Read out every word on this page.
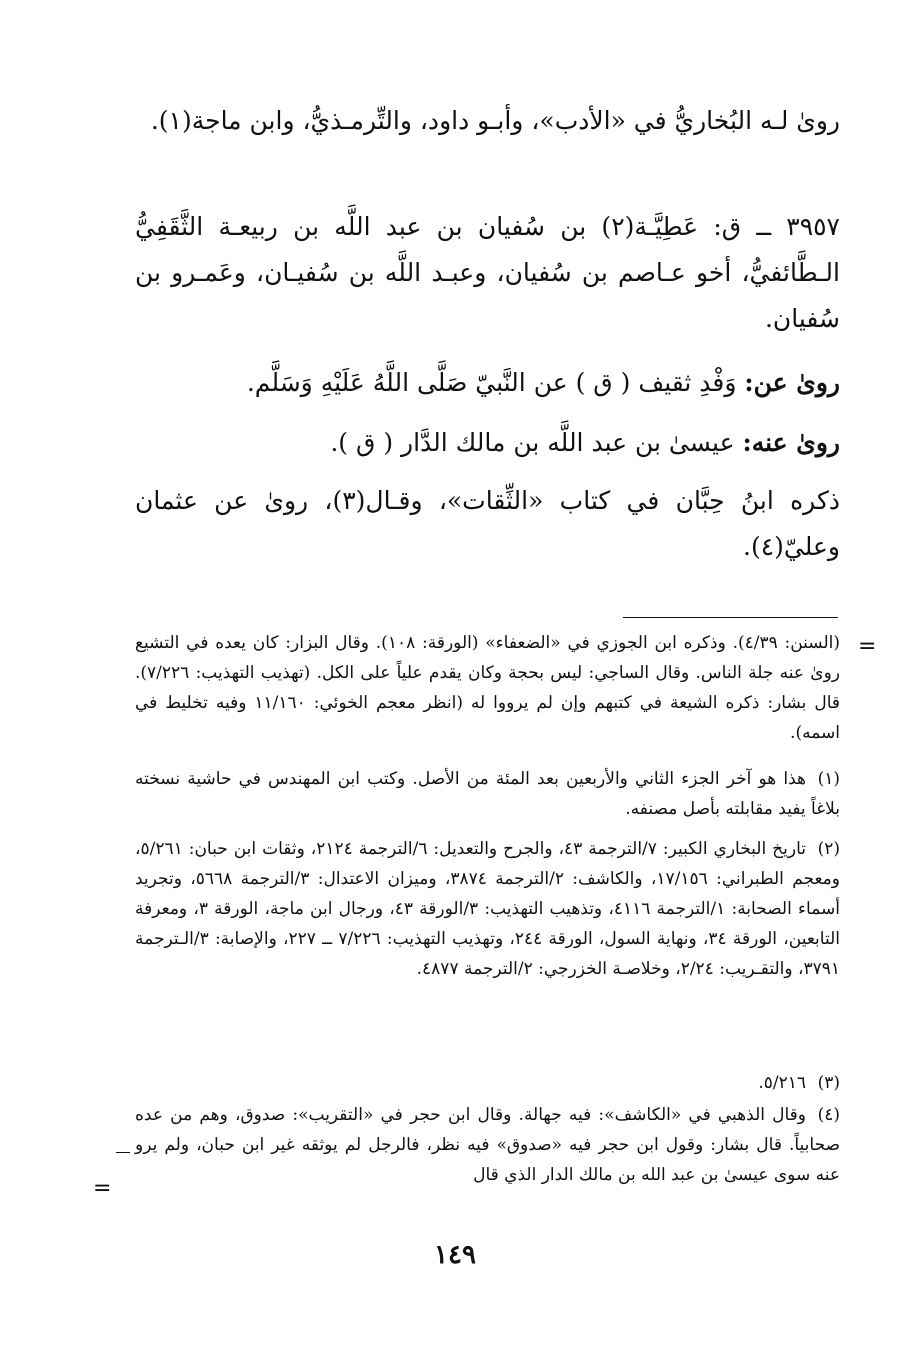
روىٰ لـه البُخاريُّ في «الأدب»، وأبـو داود، والتِّرمـذيُّ، وابن ماجة(١).
٣٩٥٧ ــ ق: عَطِيَّـة(٢) بن سُفيان بن عبد اللَّه بن ربيعـة الثَّقَفِيُّ الـطَّائفيُّ، أخو عـاصم بن سُفيان، وعبـد اللَّه بن سُفيـان، وعَمـرو بن سُفيان.
روىٰ عن: وَفْدِ ثقيف ( ق ) عن النَّبيّ صَلَّى اللَّهُ عَلَيْهِ وَسَلَّم.
روىٰ عنه: عيسىٰ بن عبد اللَّه بن مالك الدَّار ( ق ).
ذكره ابنُ حِبَّان في كتاب «الثِّقات»، وقـال(٣)، روىٰ عن عثمان وعليّ(٤).
=
(السنن: ٤/٣٩). وذكره ابن الجوزي في «الضعفاء» (الورقة: ١٠٨). وقال البزار: كان يعده في التشيع روىٰ عنه جلة الناس. وقال الساجي: ليس بحجة وكان يقدم علياً على الكل. (تهذيب التهذيب: ٧/٢٢٦). قال بشار: ذكره الشيعة في كتبهم وإن لم يرووا له (انظر معجم الخوئي: ١١/١٦٠ وفيه تخليط في اسمه).
(١)هذا هو آخر الجزء الثاني والأربعين بعد المئة من الأصل. وكتب ابن المهندس في حاشية نسخته بلاغاً يفيد مقابلته بأصل مصنفه.
(٢)تاريخ البخاري الكبير: ٧/الترجمة ٤٣، والجرح والتعديل: ٦/الترجمة ٢١٢٤، وثقات ابن حبان: ٥/٢٦١، ومعجم الطبراني: ١٧/١٥٦، والكاشف: ٢/الترجمة ٣٨٧٤، وميزان الاعتدال: ٣/الترجمة ٥٦٦٨، وتجريد أسماء الصحابة: ١/الترجمة ٤١١٦، وتذهيب التهذيب: ٣/الورقة ٤٣، ورجال ابن ماجة، الورقة ٣، ومعرفة التابعين، الورقة ٣٤، ونهاية السول، الورقة ٢٤٤، وتهذيب التهذيب: ٧/٢٢٦ ــ ٢٢٧، والإصابة: ٣/الـترجمة ٣٧٩١، والتقـريب: ٢/٢٤، وخلاصـة الخزرجي: ٢/الترجمة ٤٨٧٧.
(٣)٥/٢١٦.
(٤)وقال الذهبي في «الكاشف»: فيه جهالة. وقال ابن حجر في «التقريب»: صدوق، وهم من عده صحابياً. قال بشار: وقول ابن حجر فيه «صدوق» فيه نظر، فالرجل لم يوثقه غير ابن حبان، ولم يرو عنه سوى عيسىٰ بن عبد الله بن مالك الدار الذي قال
=
١٤٩
